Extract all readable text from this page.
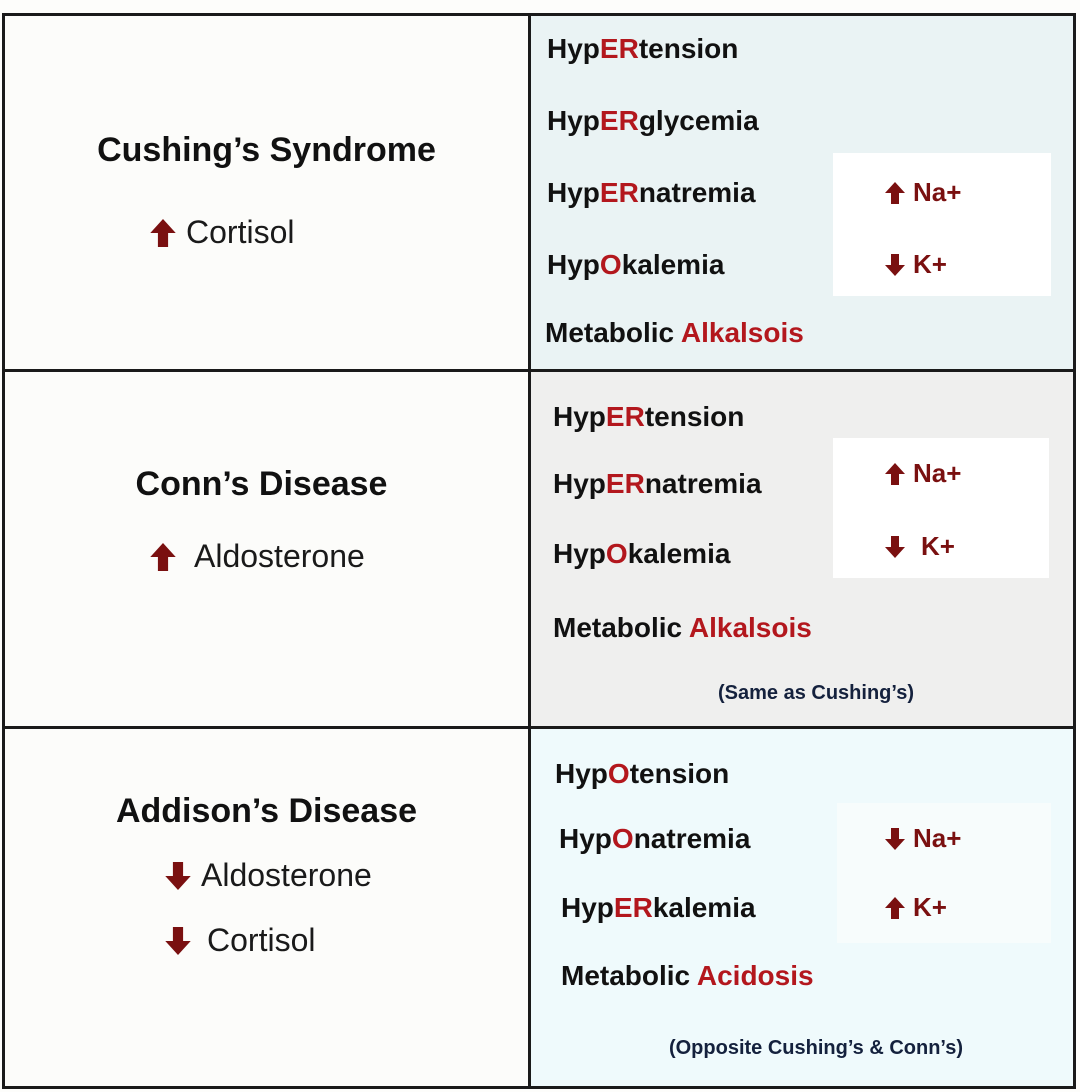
Cushing’s Syndrome
Cortisol
HypERtension
HypERglycemia
HypERnatremia
HypOkalemia
Metabolic Alkalsois
Na+
K+
Conn’s Disease
Aldosterone
HypERtension
HypERnatremia
HypOkalemia
Metabolic Alkalsois
(Same as Cushing’s)
Na+
K+
Addison’s Disease
Aldosterone
Cortisol
HypOtension
HypOnatremia
HypERkalemia
Metabolic Acidosis
(Opposite Cushing’s & Conn’s)
Na+
K+
